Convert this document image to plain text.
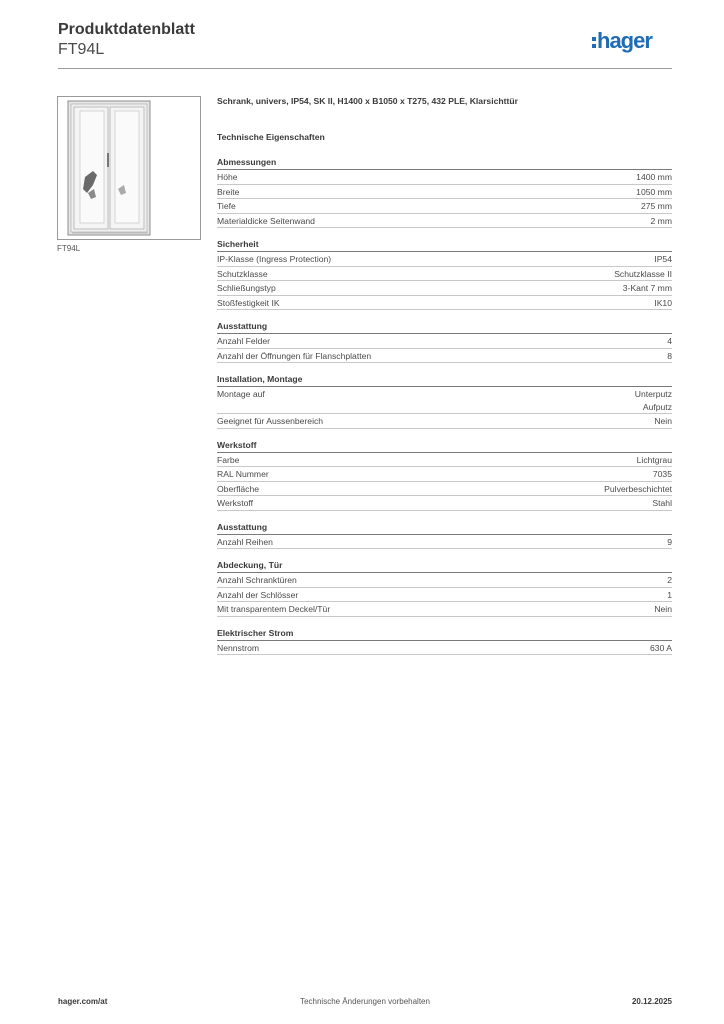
Produktdatenblatt
FT94L	hager
FT94L
Schrank, univers, IP54, SK II, H1400 x B1050 x T275, 432 PLE, Klarsichttür
Technische Eigenschaften
Abmessungen
Höhe	1400 mm
Breite	1050 mm
Tiefe	275 mm
Materialdicke Seitenwand	2 mm
Sicherheit
IP-Klasse (Ingress Protection)	IP54
Schutzklasse	Schutzklasse II
Schließungstyp	3-Kant 7 mm
Stoßfestigkeit IK	IK10
Ausstattung
Anzahl Felder	4
Anzahl der Öffnungen für Flanschplatten	8
Installation, Montage
Montage auf	Unterputz
Aufputz
Geeignet für Aussenbereich	Nein
Werkstoff
Farbe	Lichtgrau
RAL Nummer	7035
Oberfläche	Pulverbeschichtet
Werkstoff	Stahl
Ausstattung
Anzahl Reihen	9
Abdeckung, Tür
Anzahl Schranktüren	2
Anzahl der Schlösser	1
Mit transparentem Deckel/Tür	Nein
Elektrischer Strom
Nennstrom	630 A
hager.com/at	Technische Änderungen vorbehalten	20.12.2025
